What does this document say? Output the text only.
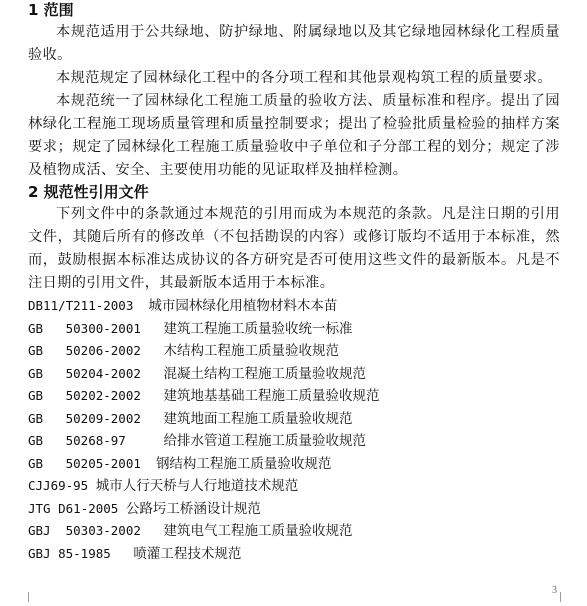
1 范围

本规范适用于公共绿地、防护绿地、附属绿地以及其它绿地园林绿化工程质量验收。

本规范规定了园林绿化工程中的各分项工程和其他景观构筑工程的质量要求。

本规范统一了园林绿化工程施工质量的验收方法、质量标准和程序。提出了园林绿化工程施工现场质量管理和质量控制要求；提出了检验批质量检验的抽样方案要求；规定了园林绿化工程施工质量验收中子单位和子分部工程的划分；规定了涉及植物成活、安全、主要使用功能的见证取样及抽样检测。

2 规范性引用文件

下列文件中的条款通过本规范的引用而成为本规范的条款。凡是注日期的引用文件，其随后所有的修改单（不包括勘误的内容）或修订版均不适用于本标准，然而，鼓励根据本标准达成协议的各方研究是否可使用这些文件的最新版本。凡是不注日期的引用文件，其最新版本适用于本标准。

DB11/T211-2003 城市园林绿化用植物材料木本苗
GB   50300-2001 建筑工程施工质量验收统一标准
GB   50206-2002 木结构工程施工质量验收规范
GB   50204-2002 混凝土结构工程施工质量验收规范
GB   50202-2002 建筑地基基础工程施工质量验收规范
GB   50209-2002 建筑地面工程施工质量验收规范
GB   50268-97 给排水管道工程施工质量验收规范
GB   50205-2001 钢结构工程施工质量验收规范
CJJ69-95 城市人行天桥与人行地道技术规范
JTG D61-2005 公路圬工桥涵设计规范
GBJ  50303-2002 建筑电气工程施工质量验收规范
GBJ 85-1985 喷灌工程技术规范
3
